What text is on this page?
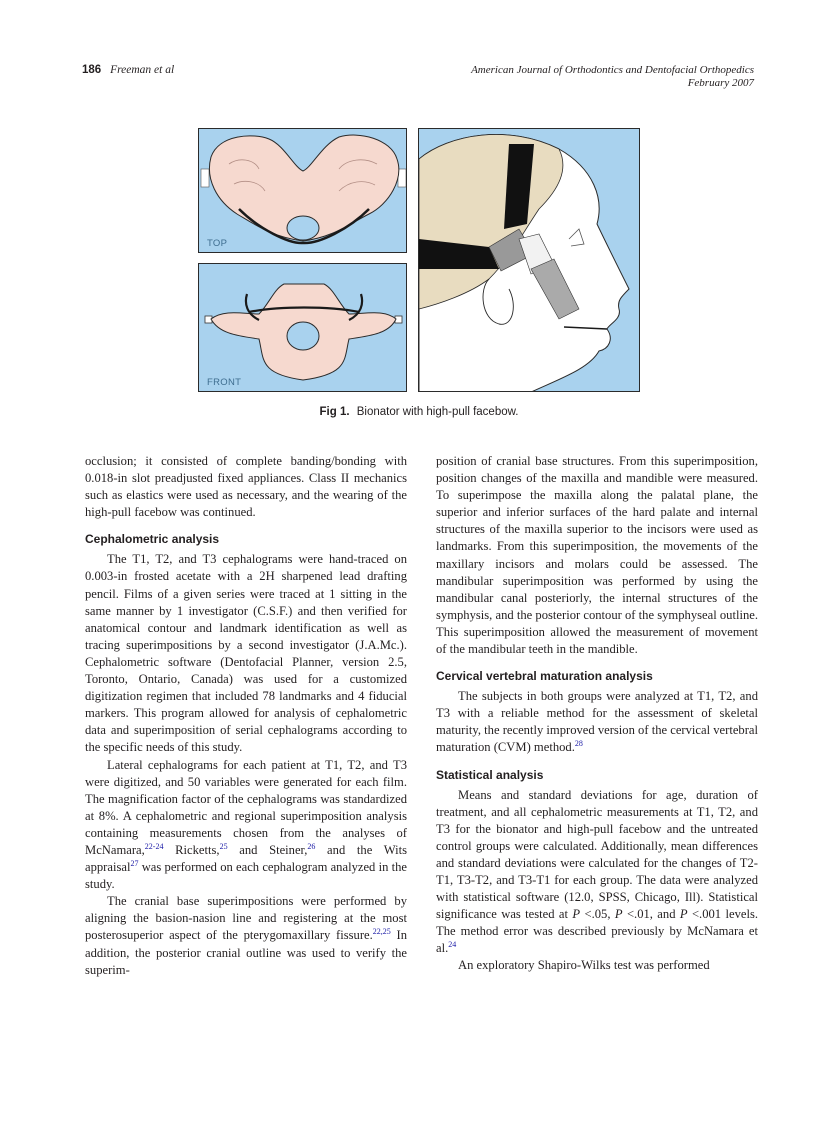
186 Freeman et al	American Journal of Orthodontics and Dentofacial Orthopedics
February 2007
TOP
FRONT
Fig 1. Bionator with high-pull facebow.

occlusion; it consisted of complete banding/bonding with 0.018-in slot preadjusted fixed appliances. Class II mechanics such as elastics were used as necessary, and the wearing of the high-pull facebow was continued.

Cephalometric analysis

The T1, T2, and T3 cephalograms were hand-traced on 0.003-in frosted acetate with a 2H sharpened lead drafting pencil. Films of a given series were traced at 1 sitting in the same manner by 1 investigator (C.S.F.) and then verified for anatomical contour and landmark identification as well as tracing superimpositions by a second investigator (J.A.Mc.). Cephalometric software (Dentofacial Planner, version 2.5, Toronto, Ontario, Canada) was used for a customized digitization regimen that included 78 landmarks and 4 fiducial markers. This program allowed for analysis of cephalometric data and superimposition of serial cephalograms according to the specific needs of this study.

Lateral cephalograms for each patient at T1, T2, and T3 were digitized, and 50 variables were generated for each film. The magnification factor of the cephalograms was standardized at 8%. A cephalometric and regional superimposition analysis containing measurements chosen from the analyses of McNamara,$^{22-24}$ Ricketts,$^{25}$ and Steiner,$^{26}$ and the Wits appraisal$^{27}$ was performed on each cephalogram analyzed in the study.

The cranial base superimpositions were performed by aligning the basion-nasion line and registering at the most posterosuperior aspect of the pterygomaxillary fissure.$^{22,25}$ In addition, the posterior cranial outline was used to verify the superim-

position of cranial base structures. From this superimposition, position changes of the maxilla and mandible were measured. To superimpose the maxilla along the palatal plane, the superior and inferior surfaces of the hard palate and internal structures of the maxilla superior to the incisors were used as landmarks. From this superimposition, the movements of the maxillary incisors and molars could be assessed. The mandibular superimposition was performed by using the mandibular canal posteriorly, the internal structures of the symphysis, and the posterior contour of the symphyseal outline. This superimposition allowed the measurement of movement of the mandibular teeth in the mandible.

Cervical vertebral maturation analysis

The subjects in both groups were analyzed at T1, T2, and T3 with a reliable method for the assessment of skeletal maturity, the recently improved version of the cervical vertebral maturation (CVM) method.$^{28}$

Statistical analysis

Means and standard deviations for age, duration of treatment, and all cephalometric measurements at T1, T2, and T3 for the bionator and high-pull facebow and the untreated control groups were calculated. Additionally, mean differences and standard deviations were calculated for the changes of T2-T1, T3-T2, and T3-T1 for each group. The data were analyzed with statistical software (12.0, SPSS, Chicago, Ill). Statistical significance was tested at P <.05, P <.01, and P <.001 levels. The method error was described previously by McNamara et al.$^{24}$

An exploratory Shapiro-Wilks test was performed
